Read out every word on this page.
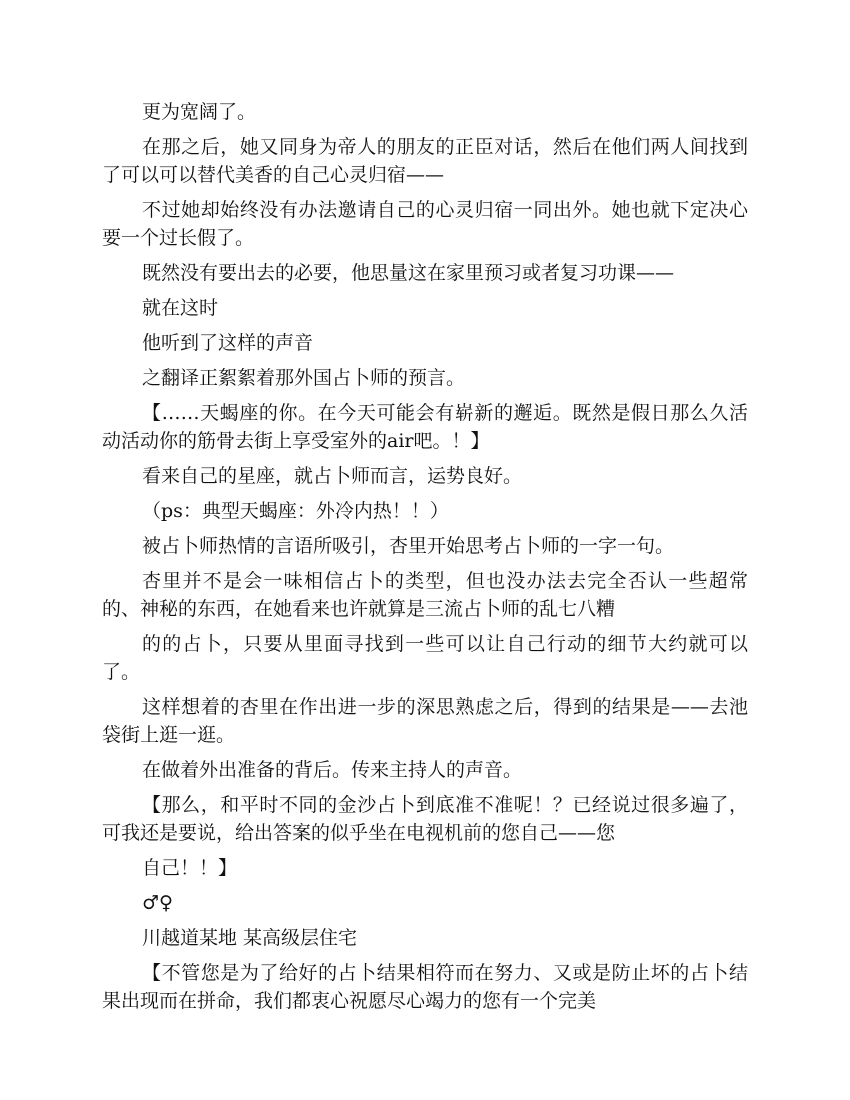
更为宽阔了。

在那之后，她又同身为帝人的朋友的正臣对话，然后在他们两人间找到了可以可以替代美香的自己心灵归宿——

不过她却始终没有办法邀请自己的心灵归宿一同出外。她也就下定决心要一个过长假了。

既然没有要出去的必要，他思量这在家里预习或者复习功课——

就在这时

他听到了这样的声音

之翻译正絮絮着那外国占卜师的预言。

【……天蝎座的你。在今天可能会有崭新的邂逅。既然是假日那么久活动活动你的筋骨去街上享受室外的air吧。！】

看来自己的星座，就占卜师而言，运势良好。

（ps：典型天蝎座：外冷内热！！）

被占卜师热情的言语所吸引，杏里开始思考占卜师的一字一句。

杏里并不是会一味相信占卜的类型，但也没办法去完全否认一些超常的、神秘的东西，在她看来也许就算是三流占卜师的乱七八糟

的的占卜，只要从里面寻找到一些可以让自己行动的细节大约就可以了。

这样想着的杏里在作出进一步的深思熟虑之后，得到的结果是——去池袋街上逛一逛。

在做着外出准备的背后。传来主持人的声音。

【那么，和平时不同的金沙占卜到底准不准呢！？已经说过很多遍了，可我还是要说，给出答案的似乎坐在电视机前的您自己——您

自己！！】

♂♀

川越道某地 某高级层住宅

【不管您是为了给好的占卜结果相符而在努力、又或是防止坏的占卜结果出现而在拼命，我们都衷心祝愿尽心竭力的您有一个完美
